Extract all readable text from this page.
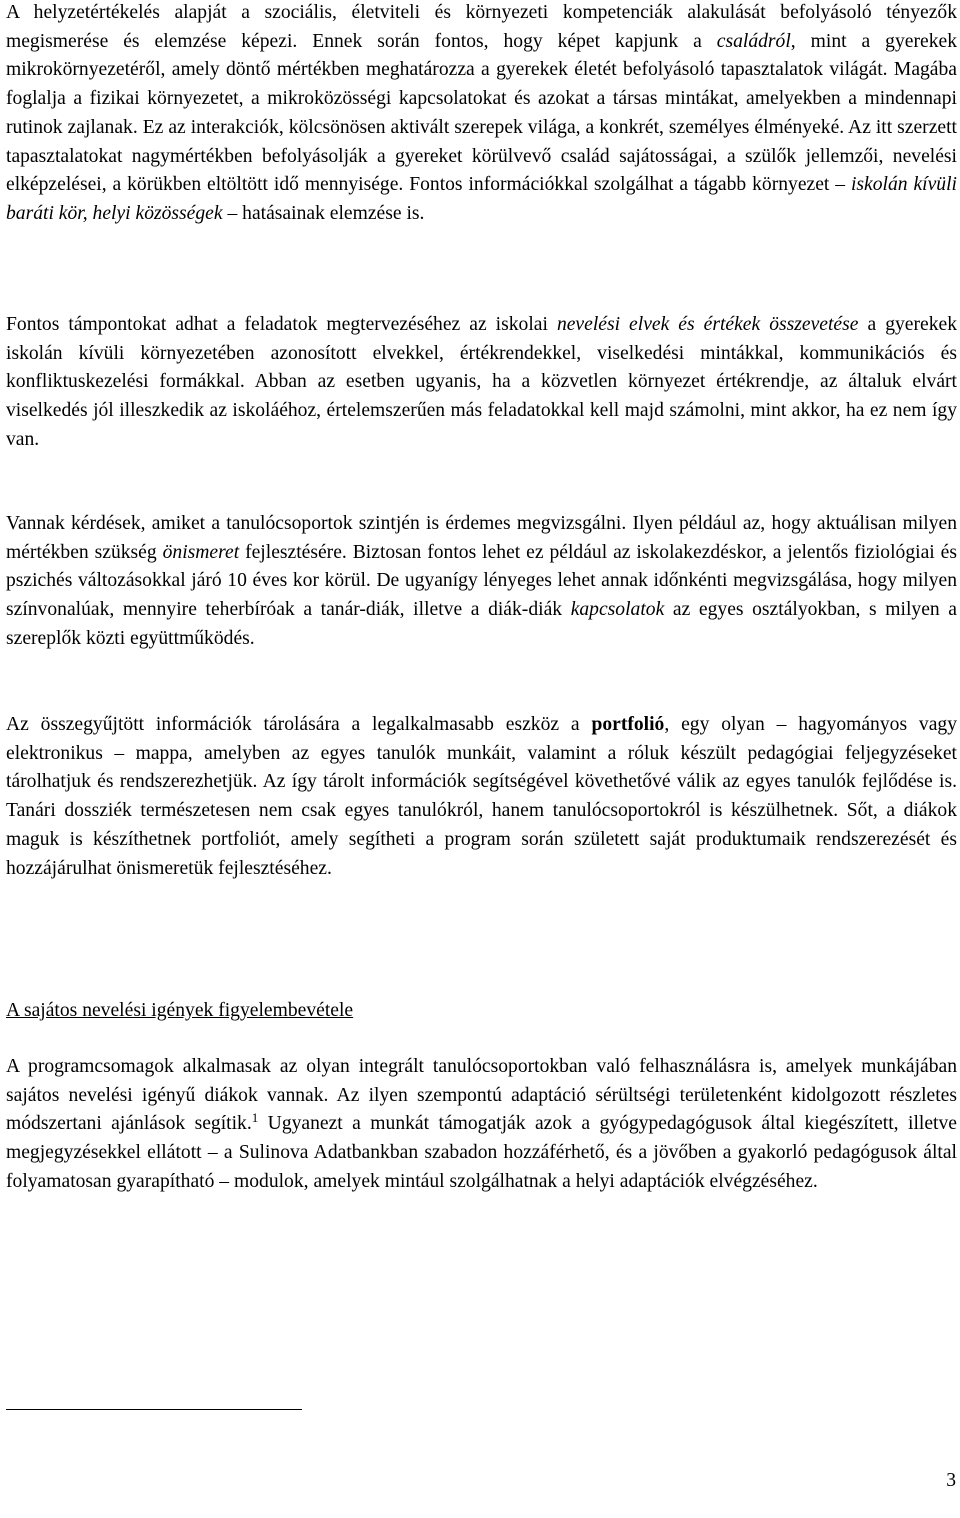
A helyzetértékelés alapját a szociális, életviteli és környezeti kompetenciák alakulását befolyásoló tényezők megismerése és elemzése képezi. Ennek során fontos, hogy képet kapjunk a családról, mint a gyerekek mikrokörnyezetéről, amely döntő mértékben meghatározza a gyerekek életét befolyásoló tapasztalatok világát. Magába foglalja a fizikai környezetet, a mikroközösségi kapcsolatokat és azokat a társas mintákat, amelyekben a mindennapi rutinok zajlanak. Ez az interakciók, kölcsönösen aktivált szerepek világa, a konkrét, személyes élményeké. Az itt szerzett tapasztalatokat nagymértékben befolyásolják a gyereket körülvevő család sajátosságai, a szülők jellemzői, nevelési elképzelései, a körükben eltöltött idő mennyisége. Fontos információkkal szolgálhat a tágabb környezet – iskolán kívüli baráti kör, helyi közösségek – hatásainak elemzése is.

Fontos támpontokat adhat a feladatok megtervezéséhez az iskolai nevelési elvek és értékek összevetése a gyerekek iskolán kívüli környezetében azonosított elvekkel, értékrendekkel, viselkedési mintákkal, kommunikációs és konfliktuskezelési formákkal. Abban az esetben ugyanis, ha a közvetlen környezet értékrendje, az általuk elvárt viselkedés jól illeszkedik az iskoláéhoz, értelemszerűen más feladatokkal kell majd számolni, mint akkor, ha ez nem így van.

Vannak kérdések, amiket a tanulócsoportok szintjén is érdemes megvizsgálni. Ilyen például az, hogy aktuálisan milyen mértékben szükség önismeret fejlesztésére. Biztosan fontos lehet ez például az iskolakezdéskor, a jelentős fiziológiai és pszichés változásokkal járó 10 éves kor körül. De ugyanígy lényeges lehet annak időnkénti megvizsgálása, hogy milyen színvonalúak, mennyire teherbíróak a tanár-diák, illetve a diák-diák kapcsolatok az egyes osztályokban, s milyen a szereplők közti együttműködés.

Az összegyűjtött információk tárolására a legalkalmasabb eszköz a portfolió, egy olyan – hagyományos vagy elektronikus – mappa, amelyben az egyes tanulók munkáit, valamint a róluk készült pedagógiai feljegyzéseket tárolhatjuk és rendszerezhetjük. Az így tárolt információk segítségével követhetővé válik az egyes tanulók fejlődése is. Tanári dossziék természetesen nem csak egyes tanulókról, hanem tanulócsoportokról is készülhetnek. Sőt, a diákok maguk is készíthetnek portfoliót, amely segítheti a program során született saját produktumaik rendszerezését és hozzájárulhat önismeretük fejlesztéséhez.

A sajátos nevelési igények figyelembevétele

A programcsomagok alkalmasak az olyan integrált tanulócsoportokban való felhasználásra is, amelyek munkájában sajátos nevelési igényű diákok vannak. Az ilyen szempontú adaptáció sérültségi területenként kidolgozott részletes módszertani ajánlások segítik.$^1$ Ugyanezt a munkát támogatják azok a gyógypedagógusok által kiegészített, illetve megjegyzésekkel ellátott – a Sulinova Adatbankban szabadon hozzáférhető, és a jövőben a gyakorló pedagógusok által folyamatosan gyarapítható – modulok, amelyek mintául szolgálhatnak a helyi adaptációk elvégzéséhez.

3
